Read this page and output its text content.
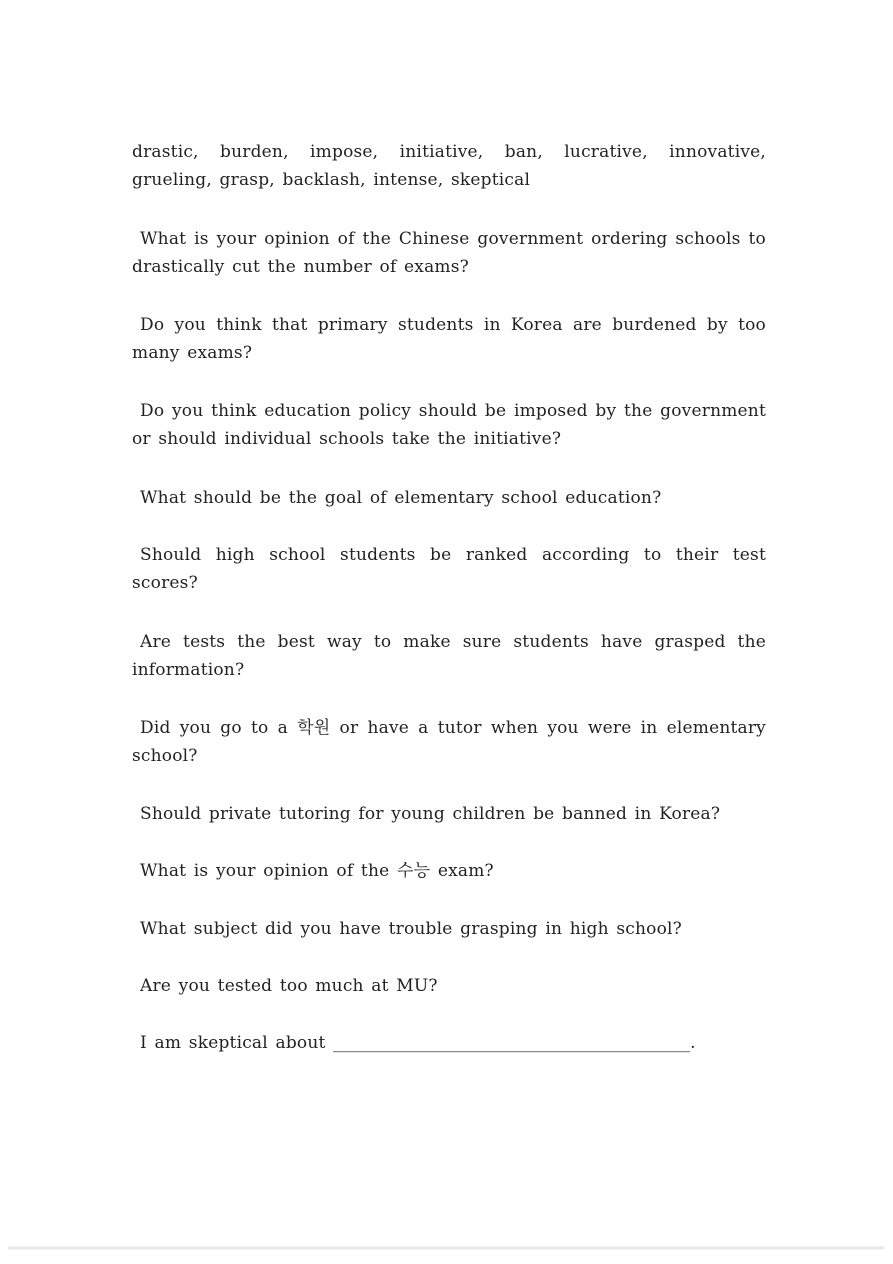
drastic, burden, impose, initiative, ban, lucrative, innovative, grueling, grasp, backlash, intense, skeptical

What is your opinion of the Chinese government ordering schools to drastically cut the number of exams?

Do you think that primary students in Korea are burdened by too many exams?

Do you think education policy should be imposed by the government or should individual schools take the initiative?

What should be the goal of elementary school education?

Should high school students be ranked according to their test scores?

Are tests the best way to make sure students have grasped the information?

Did you go to a 학원 or have a tutor when you were in elementary school?

Should private tutoring for young children be banned in Korea?

What is your opinion of the 수능 exam?

What subject did you have trouble grasping in high school?

Are you tested too much at MU?

I am skeptical about __________________________________________.
